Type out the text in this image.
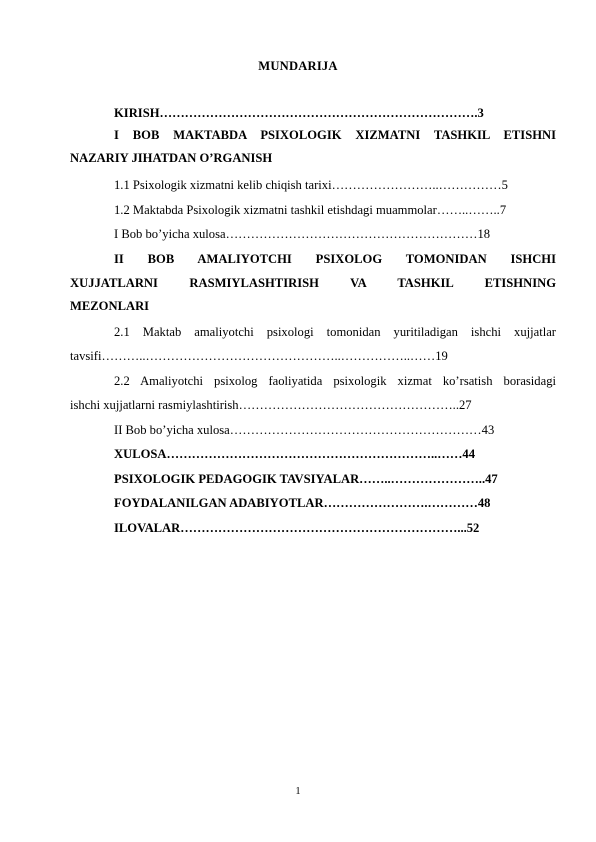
MUNDARIJA
KIRISH………………………………………………………………….3
I BOB MAKTABDA PSIXOLOGIK XIZMATNI TASHKIL ETISHNI
NAZARIY JIHATDAN O’RGANISH
1.1 Psixologik xizmatni kelib chiqish tarixi……………………..……………5
1.2 Maktabda Psixologik xizmatni tashkil etishdagi muammolar……..……..7
I Bob bo’yicha xulosa……………………………………………………18
II BOB AMALIYOTCHI PSIXOLOG TOMONIDAN ISHCHI
XUJJATLARNI RASMIYLASHTIRISH VA TASHKIL ETISHNING
MEZONLARI
2.1 Maktab amaliyotchi psixologi tomonidan yuritiladigan ishchi xujjatlar
tavsifi………..………………………………………..……………..……19
2.2 Amaliyotchi psixolog faoliyatida psixologik xizmat ko’rsatish borasidagi
ishchi xujjatlarni rasmiylashtirish……………………………………………..27
II Bob bo’yicha xulosa……………………………………………………43
XULOSA………………………………………………………..……44
PSIXOLOGIK PEDAGOGIK TAVSIYALAR……..…………………..47
FOYDALANILGAN ADABIYOTLAR…………………….…………48
ILOVALAR…………………………………………………………...52
1
